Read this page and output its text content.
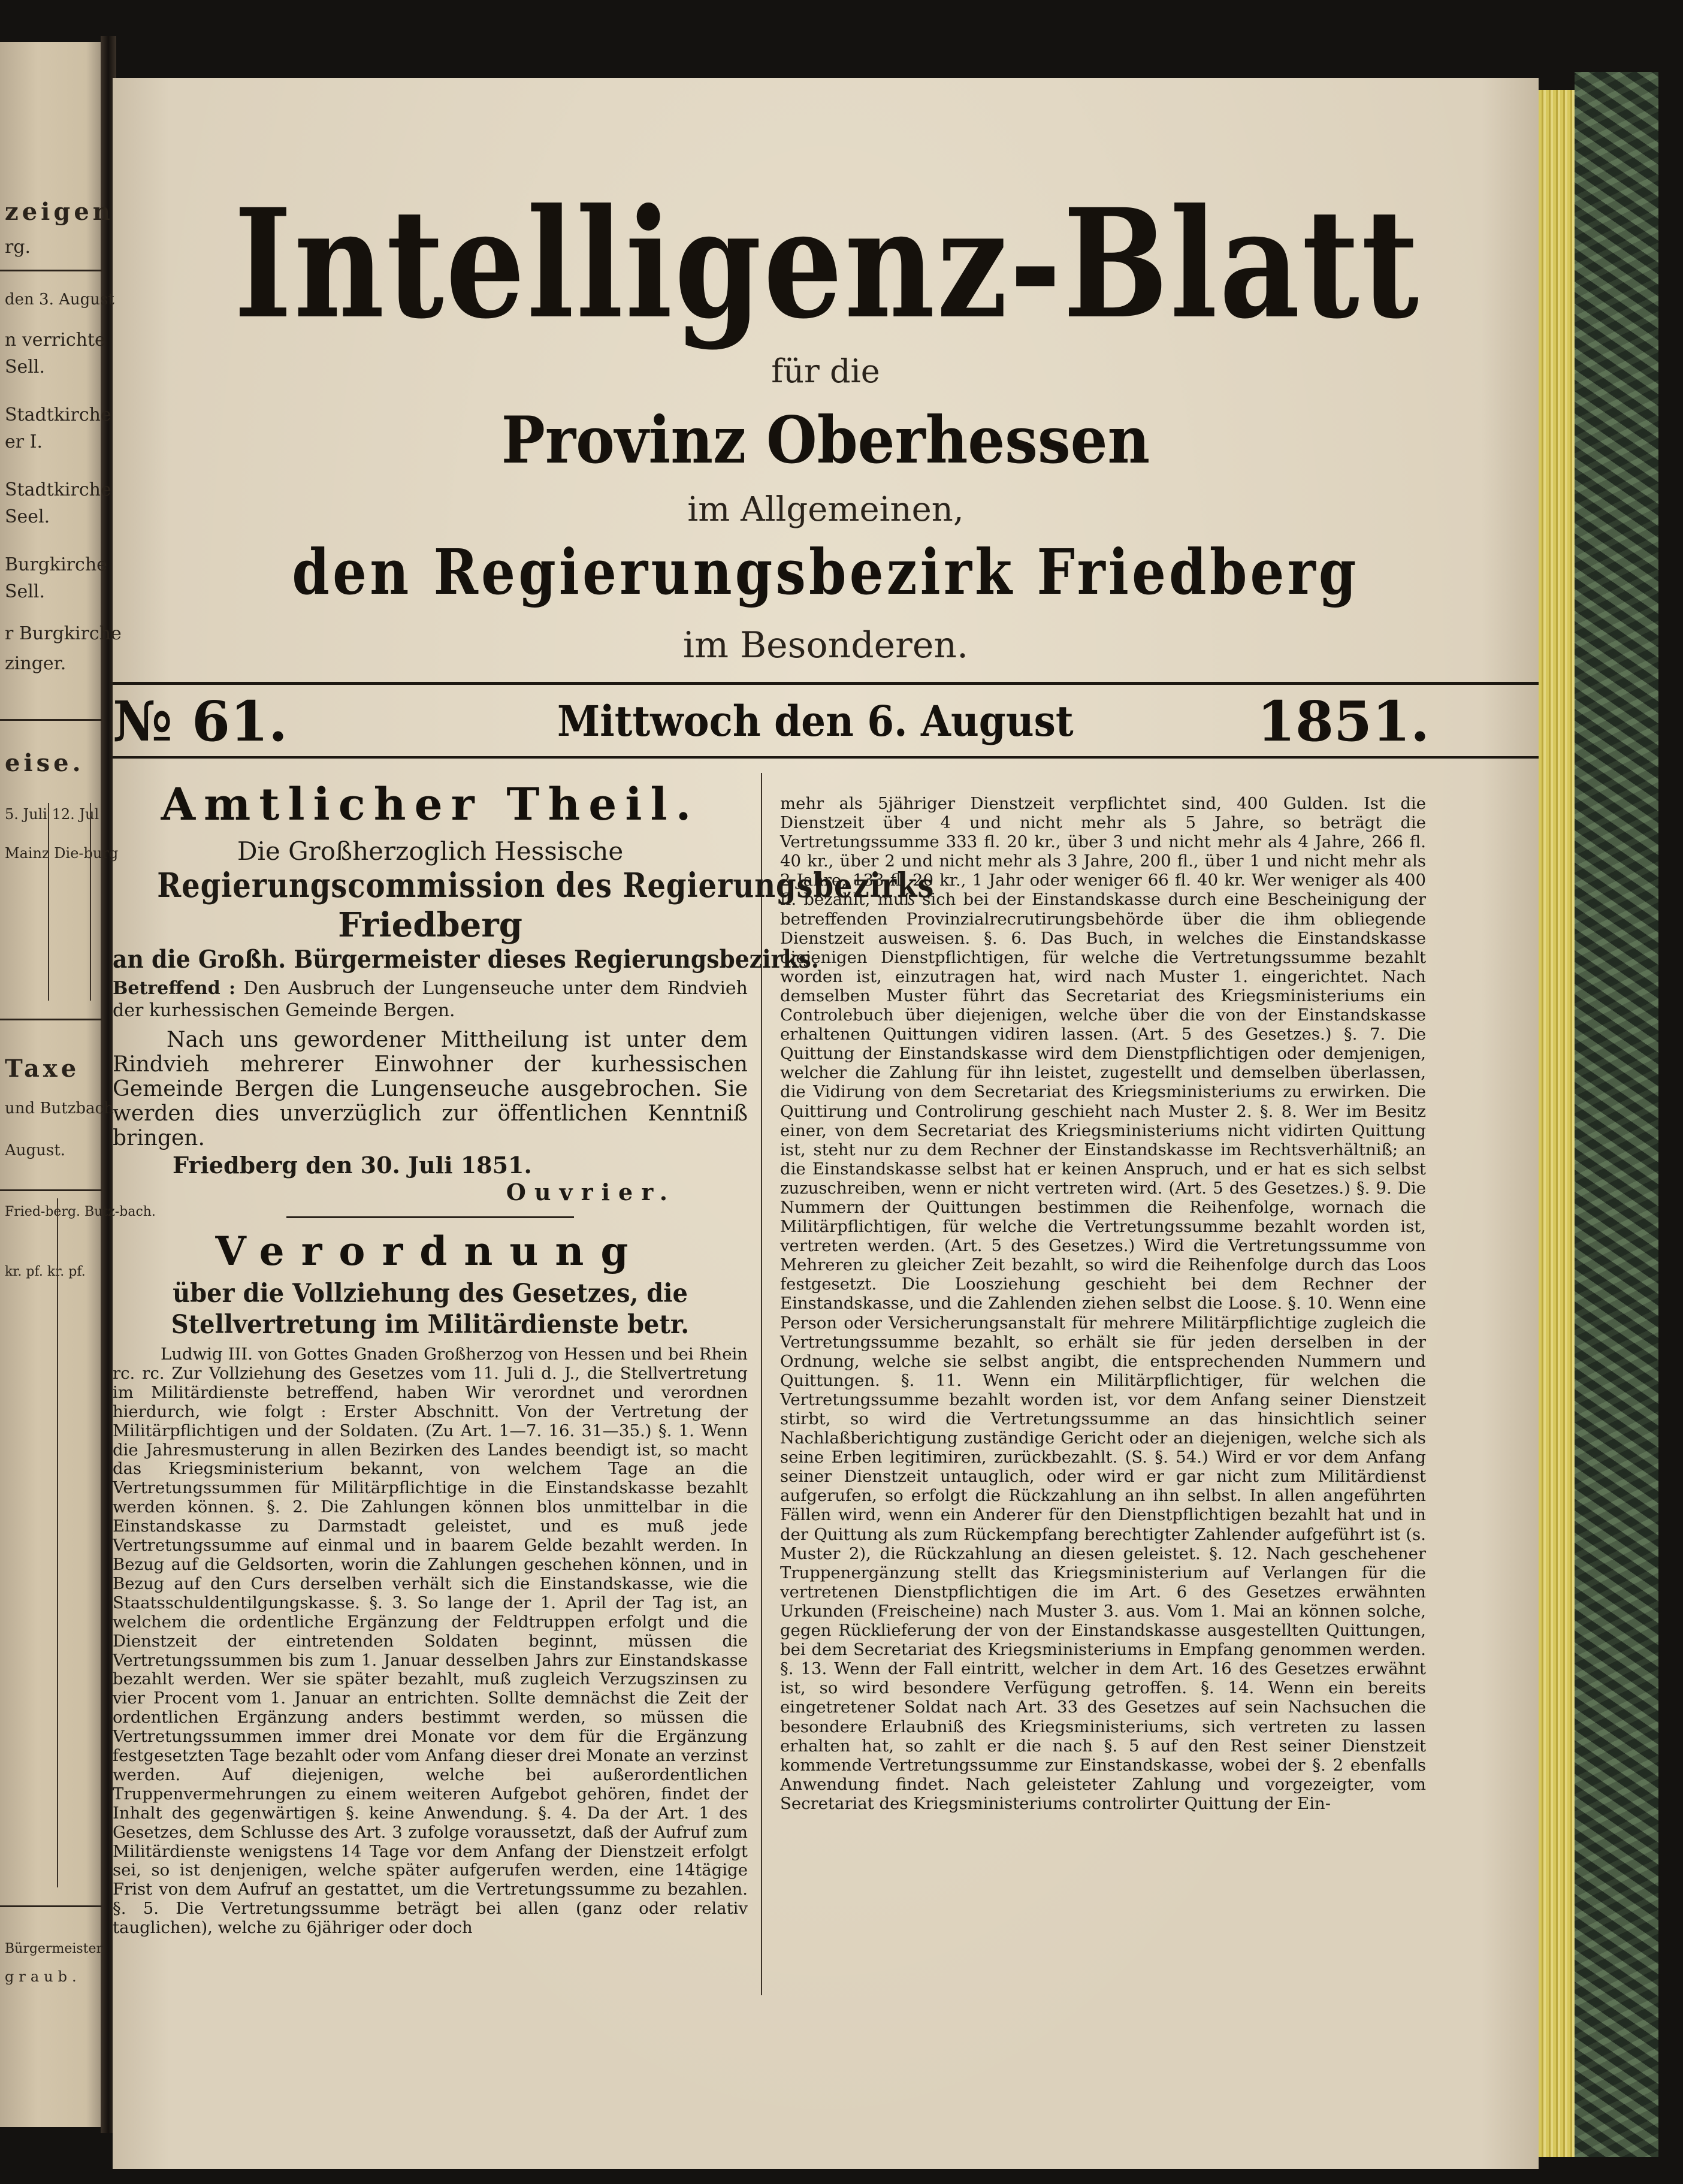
zeigen
rg.
den 3. August
n verrichte
Sell.
Stadtkirche
er I.
Stadtkirche
Seel.
Burgkirche
Sell.
r Burgkirche
zinger.
eise.
5. Juli 12. Jul
Mainz Die-burg
Taxe
und Butzbach
August.
Fried-berg. Butz-bach.
kr. pf. kr. pf.
Bürgermeister
graub.
Intelligenz-Blatt
für die
Provinz Oberhessen
im Allgemeinen,
den Regierungsbezirk Friedberg
im Besonderen.
№ 61.	Mittwoch den 6. August	1851.
Amtlicher Theil.
Die Großherzoglich Hessische
Regierungscommission des Regierungsbezirks
Friedberg
an die Großh. Bürgermeister dieses Regierungsbezirks.
Betreffend : Den Ausbruch der Lungenseuche unter dem Rindvieh der kurhessischen Gemeinde Bergen.
Nach uns gewordener Mittheilung ist unter dem Rindvieh mehrerer Einwohner der kurhessischen Gemeinde Bergen die Lungenseuche ausgebrochen. Sie werden dies unverzüglich zur öffentlichen Kenntniß bringen.
Friedberg den 30. Juli 1851.
Ouvrier.
Verordnung
über die Vollziehung des Gesetzes, die Stellvertretung im Militärdienste betr.
Ludwig III. von Gottes Gnaden Großherzog von Hessen und bei Rhein rc. rc. Zur Vollziehung des Gesetzes vom 11. Juli d. J., die Stellvertretung im Militärdienste betreffend, haben Wir verordnet und verordnen hierdurch, wie folgt : Erster Abschnitt. Von der Vertretung der Militärpflichtigen und der Soldaten. (Zu Art. 1—7. 16. 31—35.) §. 1. Wenn die Jahresmusterung in allen Bezirken des Landes beendigt ist, so macht das Kriegsministerium bekannt, von welchem Tage an die Vertretungssummen für Militärpflichtige in die Einstandskasse bezahlt werden können. §. 2. Die Zahlungen können blos unmittelbar in die Einstandskasse zu Darmstadt geleistet, und es muß jede Vertretungssumme auf einmal und in baarem Gelde bezahlt werden. In Bezug auf die Geldsorten, worin die Zahlungen geschehen können, und in Bezug auf den Curs derselben verhält sich die Einstandskasse, wie die Staatsschuldentilgungskasse. §. 3. So lange der 1. April der Tag ist, an welchem die ordentliche Ergänzung der Feldtruppen erfolgt und die Dienstzeit der eintretenden Soldaten beginnt, müssen die Vertretungssummen bis zum 1. Januar desselben Jahrs zur Einstandskasse bezahlt werden. Wer sie später bezahlt, muß zugleich Verzugszinsen zu vier Procent vom 1. Januar an entrichten. Sollte demnächst die Zeit der ordentlichen Ergänzung anders bestimmt werden, so müssen die Vertretungssummen immer drei Monate vor dem für die Ergänzung festgesetzten Tage bezahlt oder vom Anfang dieser drei Monate an verzinst werden. Auf diejenigen, welche bei außerordentlichen Truppenvermehrungen zu einem weiteren Aufgebot gehören, findet der Inhalt des gegenwärtigen §. keine Anwendung. §. 4. Da der Art. 1 des Gesetzes, dem Schlusse des Art. 3 zufolge voraussetzt, daß der Aufruf zum Militärdienste wenigstens 14 Tage vor dem Anfang der Dienstzeit erfolgt sei, so ist denjenigen, welche später aufgerufen werden, eine 14tägige Frist von dem Aufruf an gestattet, um die Vertretungssumme zu bezahlen. §. 5. Die Vertretungssumme beträgt bei allen (ganz oder relativ tauglichen), welche zu 6jähriger oder doch
mehr als 5jähriger Dienstzeit verpflichtet sind, 400 Gulden. Ist die Dienstzeit über 4 und nicht mehr als 5 Jahre, so beträgt die Vertretungssumme 333 fl. 20 kr., über 3 und nicht mehr als 4 Jahre, 266 fl. 40 kr., über 2 und nicht mehr als 3 Jahre, 200 fl., über 1 und nicht mehr als 2 Jahre, 133 fl. 20 kr., 1 Jahr oder weniger 66 fl. 40 kr. Wer weniger als 400 fl. bezahlt, muß sich bei der Einstandskasse durch eine Bescheinigung der betreffenden Provinzialrecrutirungsbehörde über die ihm obliegende Dienstzeit ausweisen. §. 6. Das Buch, in welches die Einstandskasse diejenigen Dienstpflichtigen, für welche die Vertretungssumme bezahlt worden ist, einzutragen hat, wird nach Muster 1. eingerichtet. Nach demselben Muster führt das Secretariat des Kriegsministeriums ein Controlebuch über diejenigen, welche über die von der Einstandskasse erhaltenen Quittungen vidiren lassen. (Art. 5 des Gesetzes.) §. 7. Die Quittung der Einstandskasse wird dem Dienstpflichtigen oder demjenigen, welcher die Zahlung für ihn leistet, zugestellt und demselben überlassen, die Vidirung von dem Secretariat des Kriegsministeriums zu erwirken. Die Quittirung und Controlirung geschieht nach Muster 2. §. 8. Wer im Besitz einer, von dem Secretariat des Kriegsministeriums nicht vidirten Quittung ist, steht nur zu dem Rechner der Einstandskasse im Rechtsverhältniß; an die Einstandskasse selbst hat er keinen Anspruch, und er hat es sich selbst zuzuschreiben, wenn er nicht vertreten wird. (Art. 5 des Gesetzes.) §. 9. Die Nummern der Quittungen bestimmen die Reihenfolge, wornach die Militärpflichtigen, für welche die Vertretungssumme bezahlt worden ist, vertreten werden. (Art. 5 des Gesetzes.) Wird die Vertretungssumme von Mehreren zu gleicher Zeit bezahlt, so wird die Reihenfolge durch das Loos festgesetzt. Die Loosziehung geschieht bei dem Rechner der Einstandskasse, und die Zahlenden ziehen selbst die Loose. §. 10. Wenn eine Person oder Versicherungsanstalt für mehrere Militärpflichtige zugleich die Vertretungssumme bezahlt, so erhält sie für jeden derselben in der Ordnung, welche sie selbst angibt, die entsprechenden Nummern und Quittungen. §. 11. Wenn ein Militärpflichtiger, für welchen die Vertretungssumme bezahlt worden ist, vor dem Anfang seiner Dienstzeit stirbt, so wird die Vertretungssumme an das hinsichtlich seiner Nachlaßberichtigung zuständige Gericht oder an diejenigen, welche sich als seine Erben legitimiren, zurückbezahlt. (S. §. 54.) Wird er vor dem Anfang seiner Dienstzeit untauglich, oder wird er gar nicht zum Militärdienst aufgerufen, so erfolgt die Rückzahlung an ihn selbst. In allen angeführten Fällen wird, wenn ein Anderer für den Dienstpflichtigen bezahlt hat und in der Quittung als zum Rückempfang berechtigter Zahlender aufgeführt ist (s. Muster 2), die Rückzahlung an diesen geleistet. §. 12. Nach geschehener Truppenergänzung stellt das Kriegsministerium auf Verlangen für die vertretenen Dienstpflichtigen die im Art. 6 des Gesetzes erwähnten Urkunden (Freischeine) nach Muster 3. aus. Vom 1. Mai an können solche, gegen Rücklieferung der von der Einstandskasse ausgestellten Quittungen, bei dem Secretariat des Kriegsministeriums in Empfang genommen werden. §. 13. Wenn der Fall eintritt, welcher in dem Art. 16 des Gesetzes erwähnt ist, so wird besondere Verfügung getroffen. §. 14. Wenn ein bereits eingetretener Soldat nach Art. 33 des Gesetzes auf sein Nachsuchen die besondere Erlaubniß des Kriegsministeriums, sich vertreten zu lassen erhalten hat, so zahlt er die nach §. 5 auf den Rest seiner Dienstzeit kommende Vertretungssumme zur Einstandskasse, wobei der §. 2 ebenfalls Anwendung findet. Nach geleisteter Zahlung und vorgezeigter, vom Secretariat des Kriegsministeriums controlirter Quittung der Ein-
